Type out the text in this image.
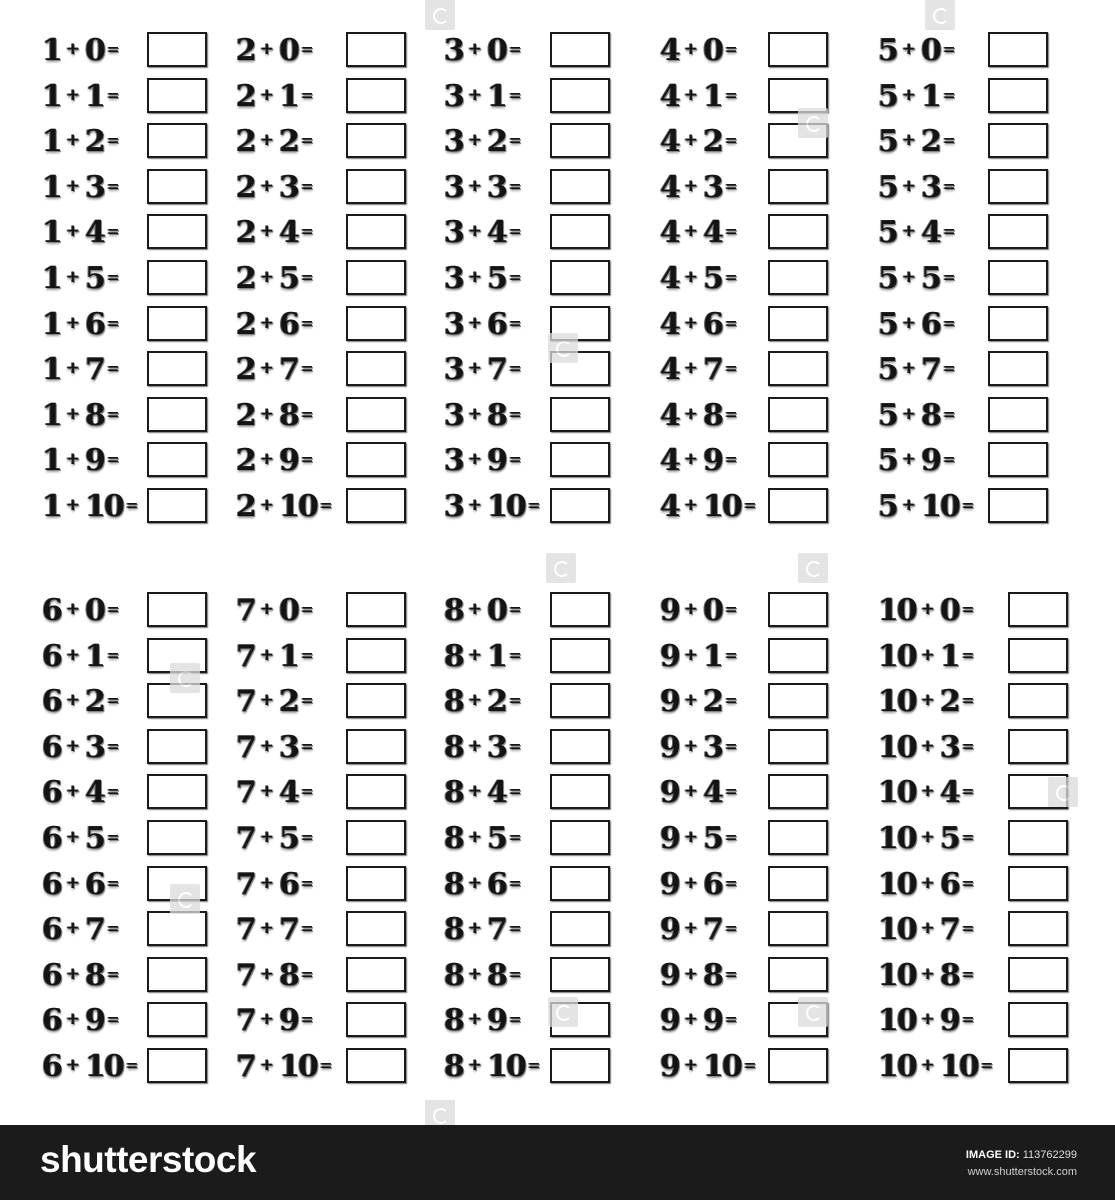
1 + 0 =
1 + 1 =
1 + 2 =
1 + 3 =
1 + 4 =
1 + 5 =
1 + 6 =
1 + 7 =
1 + 8 =
1 + 9 =
1 + 10 =
2 + 0 =
2 + 1 =
2 + 2 =
2 + 3 =
2 + 4 =
2 + 5 =
2 + 6 =
2 + 7 =
2 + 8 =
2 + 9 =
2 + 10 =
3 + 0 =
3 + 1 =
3 + 2 =
3 + 3 =
3 + 4 =
3 + 5 =
3 + 6 =
3 + 7 =
3 + 8 =
3 + 9 =
3 + 10 =
4 + 0 =
4 + 1 =
4 + 2 =
4 + 3 =
4 + 4 =
4 + 5 =
4 + 6 =
4 + 7 =
4 + 8 =
4 + 9 =
4 + 10 =
5 + 0 =
5 + 1 =
5 + 2 =
5 + 3 =
5 + 4 =
5 + 5 =
5 + 6 =
5 + 7 =
5 + 8 =
5 + 9 =
5 + 10 =
6 + 0 =
6 + 1 =
6 + 2 =
6 + 3 =
6 + 4 =
6 + 5 =
6 + 6 =
6 + 7 =
6 + 8 =
6 + 9 =
6 + 10 =
7 + 0 =
7 + 1 =
7 + 2 =
7 + 3 =
7 + 4 =
7 + 5 =
7 + 6 =
7 + 7 =
7 + 8 =
7 + 9 =
7 + 10 =
8 + 0 =
8 + 1 =
8 + 2 =
8 + 3 =
8 + 4 =
8 + 5 =
8 + 6 =
8 + 7 =
8 + 8 =
8 + 9 =
8 + 10 =
9 + 0 =
9 + 1 =
9 + 2 =
9 + 3 =
9 + 4 =
9 + 5 =
9 + 6 =
9 + 7 =
9 + 8 =
9 + 9 =
9 + 10 =
10 + 0 =
10 + 1 =
10 + 2 =
10 + 3 =
10 + 4 =
10 + 5 =
10 + 6 =
10 + 7 =
10 + 8 =
10 + 9 =
10 + 10 =
shutterstock	IMAGE ID: 113762299
www.shutterstock.com
